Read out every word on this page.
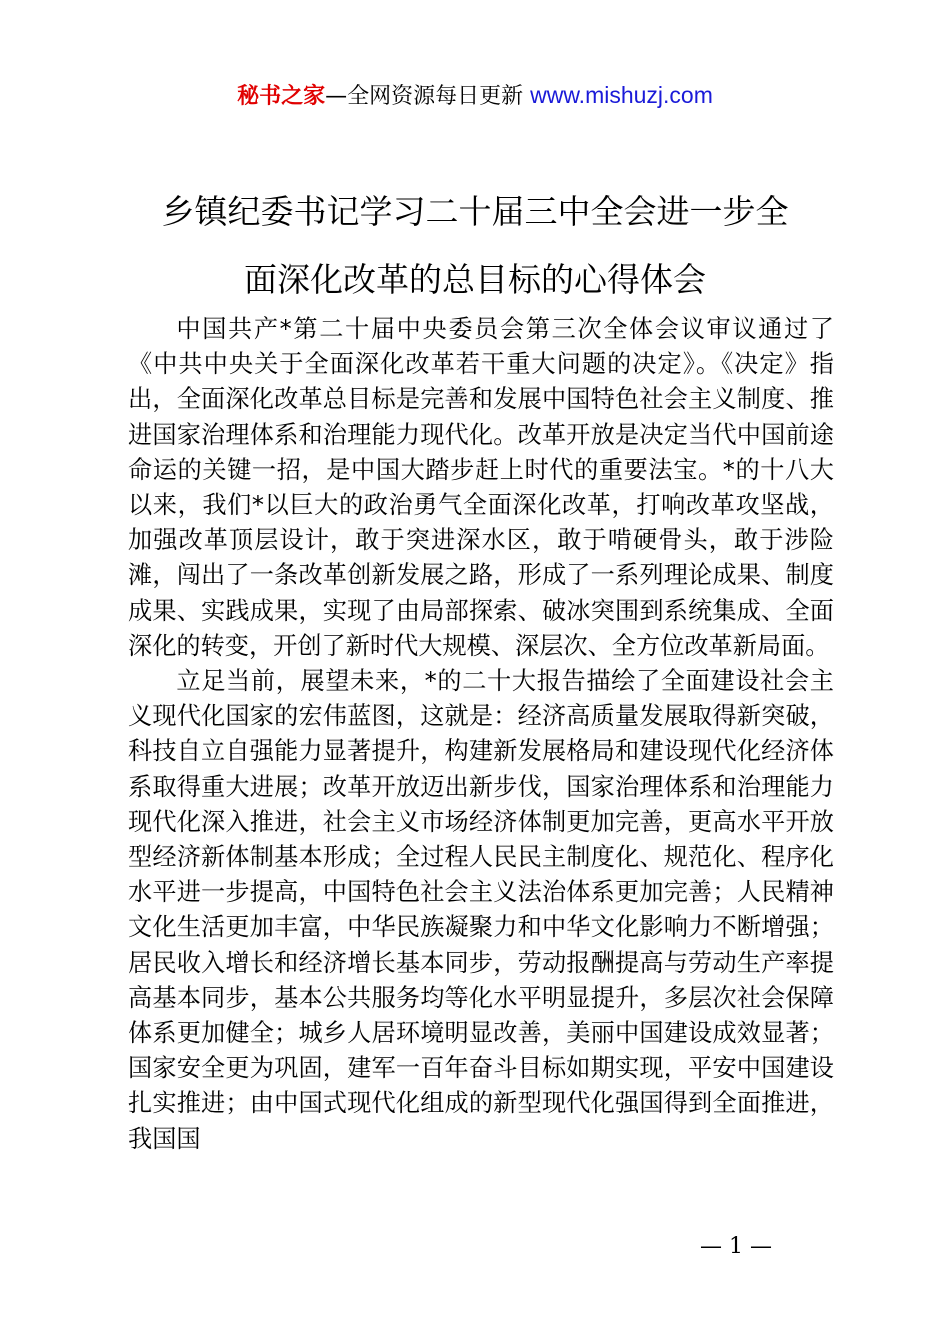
秘书之家—全网资源每日更新 www.mishuzj.com
乡镇纪委书记学习二十届三中全会进一步全
面深化改革的总目标的心得体会

中国共产*第二十届中央委员会第三次全体会议审议通过了《中共中央关于全面深化改革若干重大问题的决定》。《决定》指出，全面深化改革总目标是完善和发展中国特色社会主义制度、推进国家治理体系和治理能力现代化。改革开放是决定当代中国前途命运的关键一招，是中国大踏步赶上时代的重要法宝。*的十八大以来，我们*以巨大的政治勇气全面深化改革，打响改革攻坚战，加强改革顶层设计，敢于突进深水区，敢于啃硬骨头，敢于涉险滩，闯出了一条改革创新发展之路，形成了一系列理论成果、制度成果、实践成果，实现了由局部探索、破冰突围到系统集成、全面深化的转变，开创了新时代大规模、深层次、全方位改革新局面。

立足当前，展望未来，*的二十大报告描绘了全面建设社会主义现代化国家的宏伟蓝图，这就是：经济高质量发展取得新突破，科技自立自强能力显著提升，构建新发展格局和建设现代化经济体系取得重大进展；改革开放迈出新步伐，国家治理体系和治理能力现代化深入推进，社会主义市场经济体制更加完善，更高水平开放型经济新体制基本形成；全过程人民民主制度化、规范化、程序化水平进一步提高，中国特色社会主义法治体系更加完善；人民精神文化生活更加丰富，中华民族凝聚力和中华文化影响力不断增强；居民收入增长和经济增长基本同步，劳动报酬提高与劳动生产率提高基本同步，基本公共服务均等化水平明显提升，多层次社会保障体系更加健全；城乡人居环境明显改善，美丽中国建设成效显著；国家安全更为巩固，建军一百年奋斗目标如期实现，平安中国建设扎实推进；由中国式现代化组成的新型现代化强国得到全面推进，我国国

— 1 —
